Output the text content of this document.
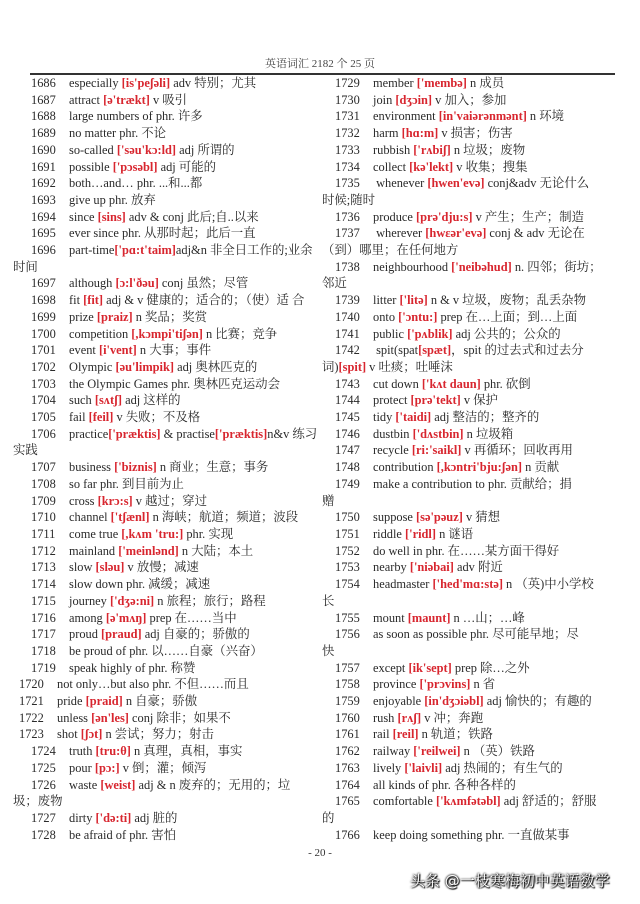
英语词汇 2182 个 25 页
1686 especially [is'peʃəli] adv 特别；尤其
1687 attract [ə'trækt] v 吸引
1688 large numbers of phr. 许多
1689 no matter phr. 不论
1690 so-called ['səu'kɔ:ld] adj 所谓的
1691 possible ['pɔsəbl] adj 可能的
1692 both…and… phr. ...和...都
1693 give up phr. 放弃
1694 since [sins] adv & conj 此后;自..以来
1695 ever since phr. 从那时起；此后一直
1696 part-time['pɑ:t'taim]adj&n 非全日工作的;业余
时间
1697 although [ɔ:l'ðəu] conj 虽然；尽管
1698 fit [fit] adj & v 健康的；适合的；（使）适 合
1699 prize [praiz] n 奖品；奖赏
1700 competition [,kɔmpi'tiʃən] n 比赛；竞争
1701 event [i'vent] n 大事；事件
1702 Olympic [əu'limpik] adj 奥林匹克的
1703 the Olympic Games phr. 奥林匹克运动会
1704 such [sʌtʃ] adj 这样的
1705 fail [feil] v 失败；不及格
1706 practice['præktis] & practise['præktis]n&v 练习
实践
1707 business ['biznis] n 商业；生意；事务
1708 so far phr. 到目前为止
1709 cross [krɔ:s] v 越过；穿过
1710 channel ['tʃænl] n 海峡；航道；频道；波段
1711 come true [,kʌm 'tru:] phr. 实现
1712 mainland ['meinlənd] n 大陆；本土
1713 slow [sləu] v 放慢；减速
1714 slow down phr. 减缓；减速
1715 journey ['dʒə:ni] n 旅程；旅行；路程
1716 among [ə'mʌŋ] prep 在……当中
1717 proud [praud] adj 自豪的；骄傲的
1718 be proud of phr. 以……自豪（兴奋）
1719 speak highly of phr. 称赞
1720 not only…but also phr. 不但……而且
1721 pride [praid] n 自豪；骄傲
1722 unless [ən'les] conj 除非；如果不
1723 shot [ʃɔt] n 尝试；努力；射击
1724 truth [tru:θ] n 真理，真相，事实
1725 pour [pɔ:] v 倒；灌；倾泻
1726 waste [weist] adj & n 废弃的；无用的；垃
圾；废物
1727 dirty ['də:ti] adj 脏的
1728 be afraid of phr. 害怕
1729 member ['membə] n 成员
1730 join [dʒɔin] v 加入；参加
1731 environment [in'vaiərənmənt] n 环境
1732 harm [hɑ:m] v 损害；伤害
1733 rubbish ['rʌbiʃ] n 垃圾；废物
1734 collect [kə'lekt] v 收集；搜集
1735 whenever [hwen'evə] conj&adv 无论什么
时候;随时
1736 produce [prə'dju:s] v 产生；生产；制造
1737 wherever [hwεər'evə] conj & adv 无论在
（到）哪里；在任何地方
1738 neighbourhood ['neibəhud] n. 四邻；街坊；
邻近
1739 litter ['litə] n & v 垃圾，废物；乱丢杂物
1740 onto ['ɔntu:] prep 在…上面；到…上面
1741 public ['pʌblik] adj 公共的；公众的
1742 spit(spat[spæt]，spit 的过去式和过去分
词)[spit] v 吐痰；吐唾沫
1743 cut down ['kʌt daun] phr. 砍倒
1744 protect [prə'tekt] v 保护
1745 tidy ['taidi] adj 整洁的；整齐的
1746 dustbin ['dʌstbin] n 垃圾箱
1747 recycle [ri:'saikl] v 再循环；回收再用
1748 contribution [,kɔntri'bju:ʃən] n 贡献
1749 make a contribution to phr. 贡献给；捐
赠
1750 suppose [sə'pəuz] v 猜想
1751 riddle ['ridl] n 谜语
1752 do well in phr. 在……某方面干得好
1753 nearby ['niəbai] adv 附近
1754 headmaster ['hed'mɑ:stə] n （英)中小学校
长
1755 mount [maunt] n …山；…峰
1756 as soon as possible phr. 尽可能早地；尽
快
1757 except [ik'sept] prep 除…之外
1758 province ['prɔvins] n 省
1759 enjoyable [in'dʒɔiəbl] adj 愉快的；有趣的
1760 rush [rʌʃ] v 冲；奔跑
1761 rail [reil] n 轨道；铁路
1762 railway ['reilwei] n （英）铁路
1763 lively ['laivli] adj 热闹的；有生气的
1764 all kinds of phr. 各种各样的
1765 comfortable ['kʌmfətəbl] adj 舒适的；舒服
的
1766 keep doing something phr. 一直做某事
- 20 -
头条 @一枝寒梅初中英语数学
